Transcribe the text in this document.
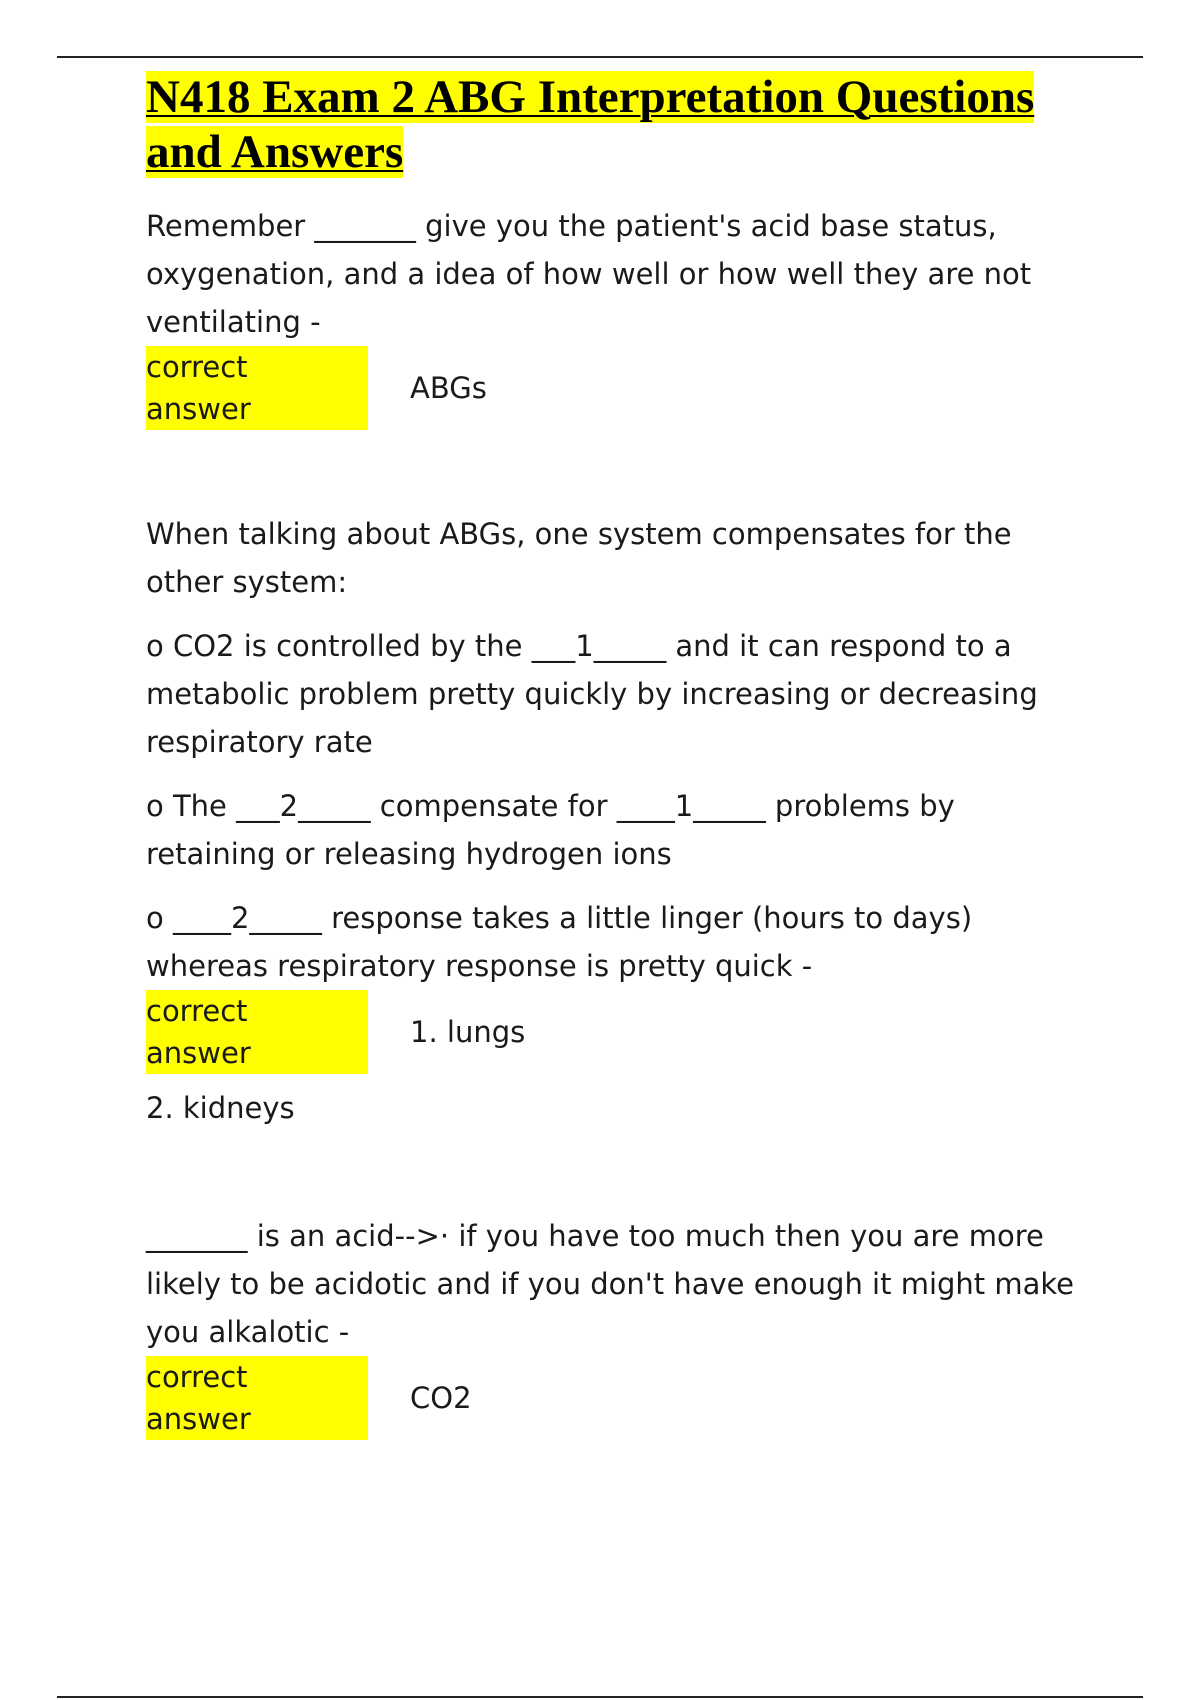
N418 Exam 2 ABG Interpretation Questions and Answers

Remember _______ give you the patient's acid base status, oxygenation, and a idea of how well or how well they are not ventilating -

correct answer
ABGs

When talking about ABGs, one system compensates for the other system:

o CO2 is controlled by the ___1_____ and it can respond to a metabolic problem pretty quickly by increasing or decreasing respiratory rate

o The ___2_____ compensate for ____1_____ problems by retaining or releasing hydrogen ions

o ____2_____ response takes a little linger (hours to days) whereas respiratory response is pretty quick -

correct answer
1. lungs

2. kidneys

_______ is an acid-->· if you have too much then you are more likely to be acidotic and if you don't have enough it might make you alkalotic -

correct answer
CO2
